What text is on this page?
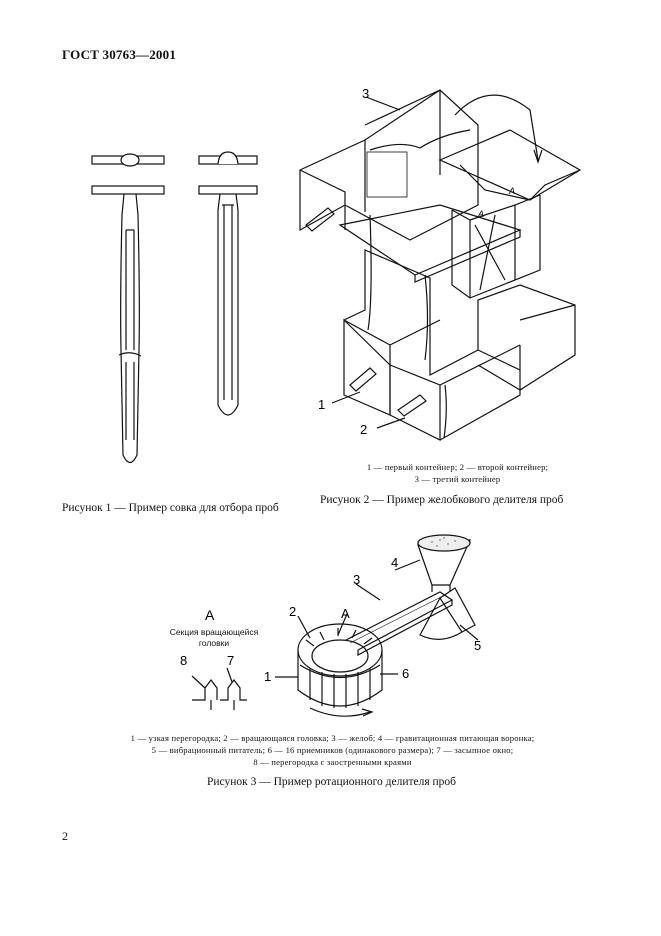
ГОСТ 30763—2001
Рисунок 1 — Пример совка для отбора проб
3
1
2
A
A
1 — первый контейнер; 2 — второй контейнер;
3 — третий контейнер
Рисунок 2 — Пример желобкового делителя проб
1
2
3
4
5
6
A
A
8	7
Секция вращающейся
головки
1 — узкая перегородка; 2 — вращающаяся головка; 3 — желоб; 4 — гравитационная питающая воронка;
5 — вибрационный питатель; 6 — 16 приемников (одинакового размера); 7 — засыпное окно;
8 — перегородка с заостренными краями
Рисунок 3 — Пример ротационного делителя проб
2
